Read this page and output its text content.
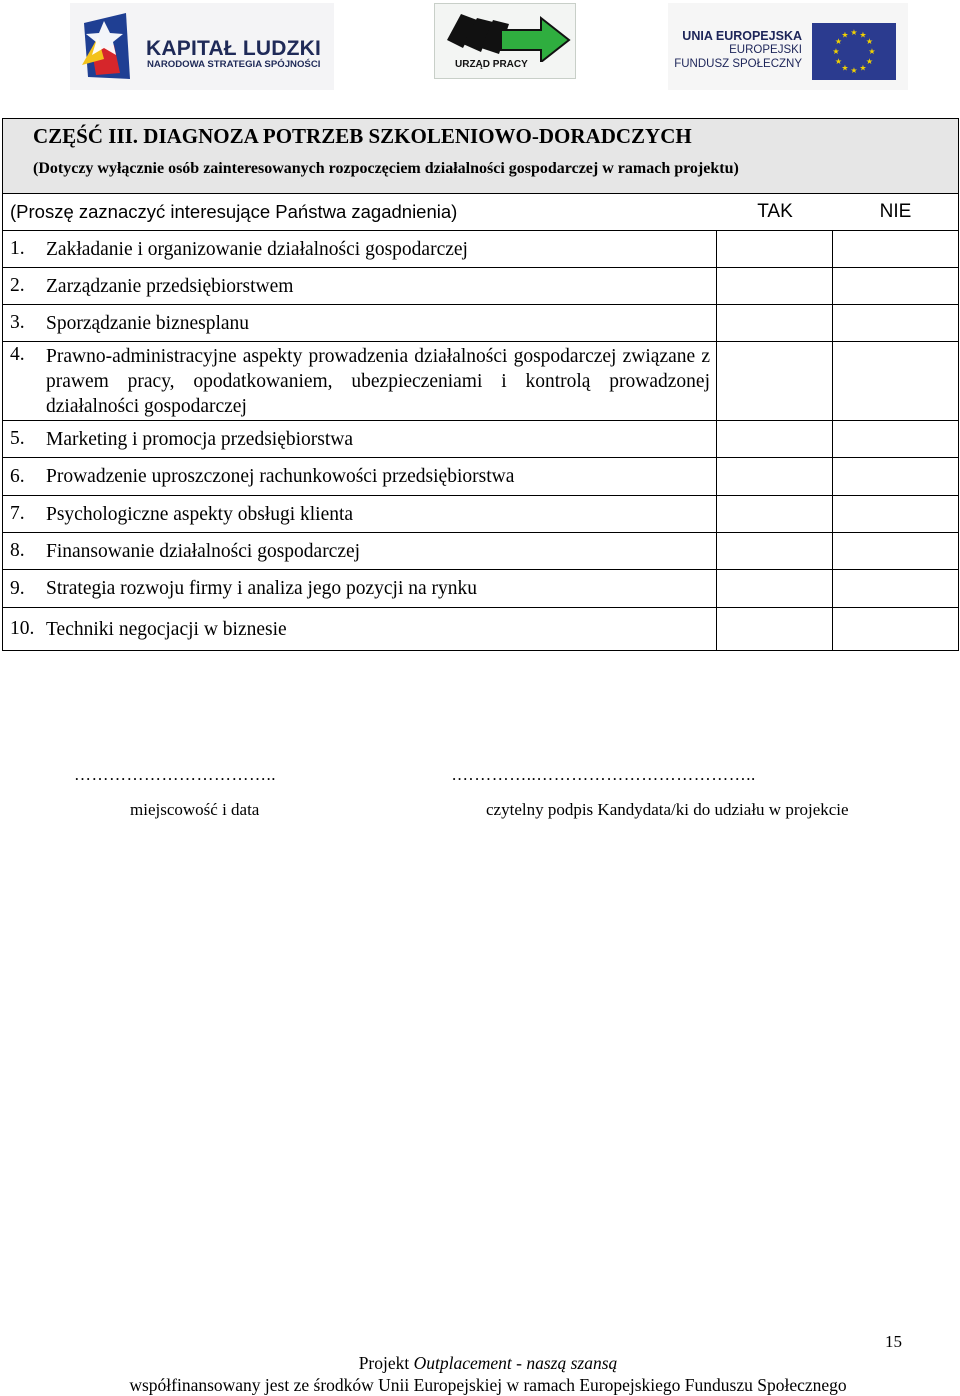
KAPITAŁ LUDZKI
NARODOWA STRATEGIA SPÓJNOŚCI	URZĄD PRACY
UNIA EUROPEJSKA
EUROPEJSKI
FUNDUSZ SPOŁECZNY
★ ★
★
★
★
★
★
★
★
★
★
★
CZĘŚĆ III. DIAGNOZA POTRZEB SZKOLENIOWO-DORADCZYCH
(Dotyczy wyłącznie osób zainteresowanych rozpoczęciem działalności gospodarczej w ramach projektu)
(Proszę zaznaczyć interesujące Państwa zagadnienia)	TAK	NIE
1.	Zakładanie i organizowanie działalności gospodarczej
2.	Zarządzanie przedsiębiorstwem
3.	Sporządzanie biznesplanu
4.	Prawno-administracyjne aspekty prowadzenia działalności gospodarczej związane z prawem pracy, opodatkowaniem, ubezpieczeniami i kontrolą prowadzonej działalności gospodarczej
5.	Marketing i promocja przedsiębiorstwa
6.	Prowadzenie uproszczonej rachunkowości przedsiębiorstwa
7.	Psychologiczne aspekty obsługi klienta
8.	Finansowanie działalności gospodarczej
9.	Strategia rozwoju firmy i analiza jego pozycji na rynku
10. Techniki negocjacji w biznesie
……………………………..	.…………..………………………………..
miejscowość i data	czytelny podpis Kandydata/ki do udziału w projekcie
15
Projekt Outplacement - naszą szansą
współfinansowany jest ze środków Unii Europejskiej w ramach Europejskiego Funduszu Społecznego
